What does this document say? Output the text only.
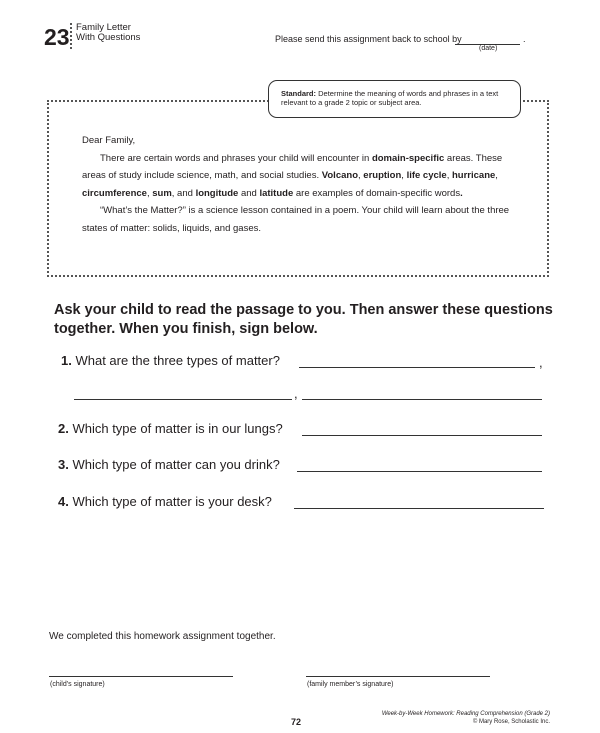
23 Family Letter
With Questions	Please send this assignment back to school by	.
(date)
Standard: Determine the meaning of words and phrases in a text relevant to a grade 2 topic or subject area.

Dear Family,

There are certain words and phrases your child will encounter in domain-specific areas. These areas of study include science, math, and social studies. Volcano, eruption, life cycle, hurricane, circumference, sum, and longitude and latitude are examples of domain-specific words.

“What’s the Matter?” is a science lesson contained in a poem. Your child will learn about the three states of matter: solids, liquids, and gases.

Ask your child to read the passage to you. Then answer these questions together. When you finish, sign below.
1. What are the three types of matter?	,
,
2. Which type of matter is in our lungs?
3. Which type of matter can you drink?
4. Which type of matter is your desk?
We completed this homework assignment together.
(child’s signature)	(family member’s signature)
72
Week-by-Week Homework: Reading Comprehension (Grade 2)
© Mary Rose, Scholastic Inc.
